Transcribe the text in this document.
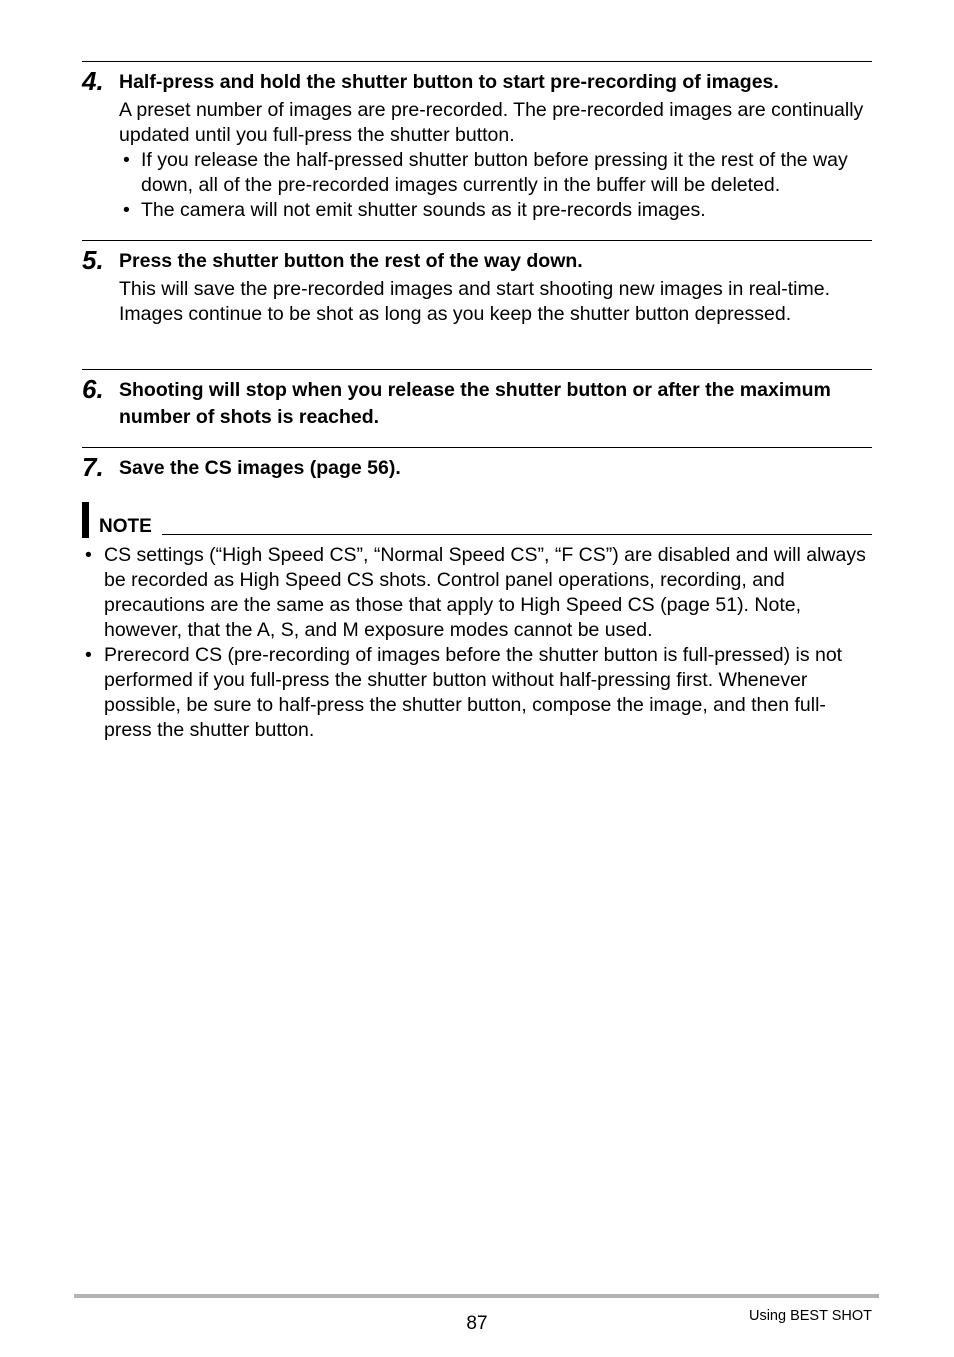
4. Half-press and hold the shutter button to start pre-recording of images.
A preset number of images are pre-recorded. The pre-recorded images are continually updated until you full-press the shutter button.
• If you release the half-pressed shutter button before pressing it the rest of the way down, all of the pre-recorded images currently in the buffer will be deleted.
• The camera will not emit shutter sounds as it pre-records images.
5. Press the shutter button the rest of the way down.
This will save the pre-recorded images and start shooting new images in real-time. Images continue to be shot as long as you keep the shutter button depressed.
6. Shooting will stop when you release the shutter button or after the maximum number of shots is reached.
7. Save the CS images (page 56).
NOTE
• CS settings (“High Speed CS”, “Normal Speed CS”, “F CS”) are disabled and will always be recorded as High Speed CS shots. Control panel operations, recording, and precautions are the same as those that apply to High Speed CS (page 51). Note, however, that the A, S, and M exposure modes cannot be used.
• Prerecord CS (pre-recording of images before the shutter button is full-pressed) is not performed if you full-press the shutter button without half-pressing first. Whenever possible, be sure to half-press the shutter button, compose the image, and then full-press the shutter button.
87	Using BEST SHOT
